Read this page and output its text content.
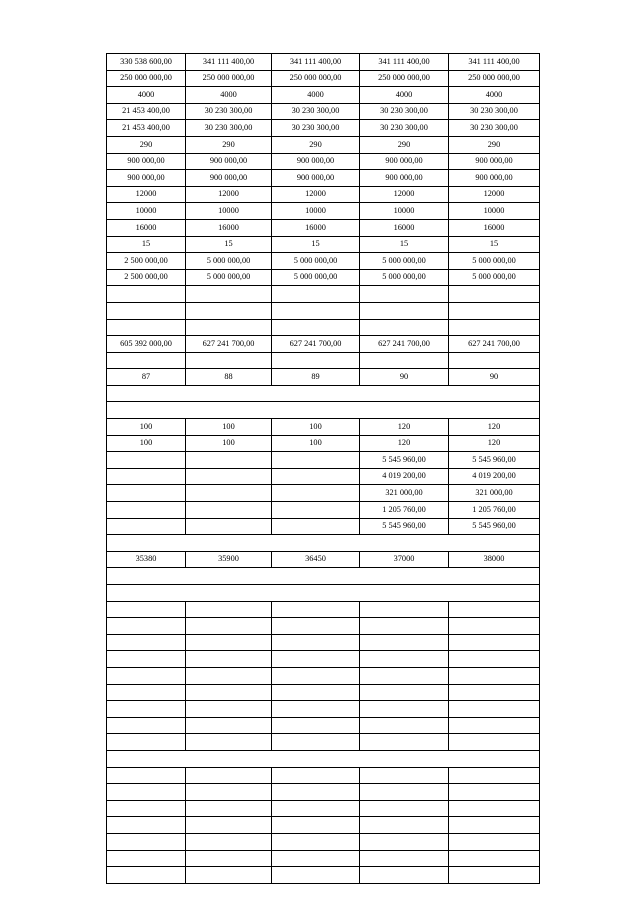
330 538 600,00	341 111 400,00	341 111 400,00	341 111 400,00	341 111 400,00
250 000 000,00	250 000 000,00	250 000 000,00	250 000 000,00	250 000 000,00
4000	4000	4000	4000	4000
21 453 400,00	30 230 300,00	30 230 300,00	30 230 300,00	30 230 300,00
21 453 400,00	30 230 300,00	30 230 300,00	30 230 300,00	30 230 300,00
290	290	290	290	290
900 000,00	900 000,00	900 000,00	900 000,00	900 000,00
900 000,00	900 000,00	900 000,00	900 000,00	900 000,00
12000	12000	12000	12000	12000
10000	10000	10000	10000	10000
16000	16000	16000	16000	16000
15	15	15	15	15
2 500 000,00	5 000 000,00	5 000 000,00	5 000 000,00	5 000 000,00
2 500 000,00	5 000 000,00	5 000 000,00	5 000 000,00	5 000 000,00

605 392 000,00	627 241 700,00	627 241 700,00	627 241 700,00	627 241 700,00

87	88	89	90	90

100	100	100	120	120
100	100	100	120	120
			5 545 960,00	5 545 960,00
			4 019 200,00	4 019 200,00
			321 000,00	321 000,00
			1 205 760,00	1 205 760,00
			5 545 960,00	5 545 960,00

35380	35900	36450	37000	38000
